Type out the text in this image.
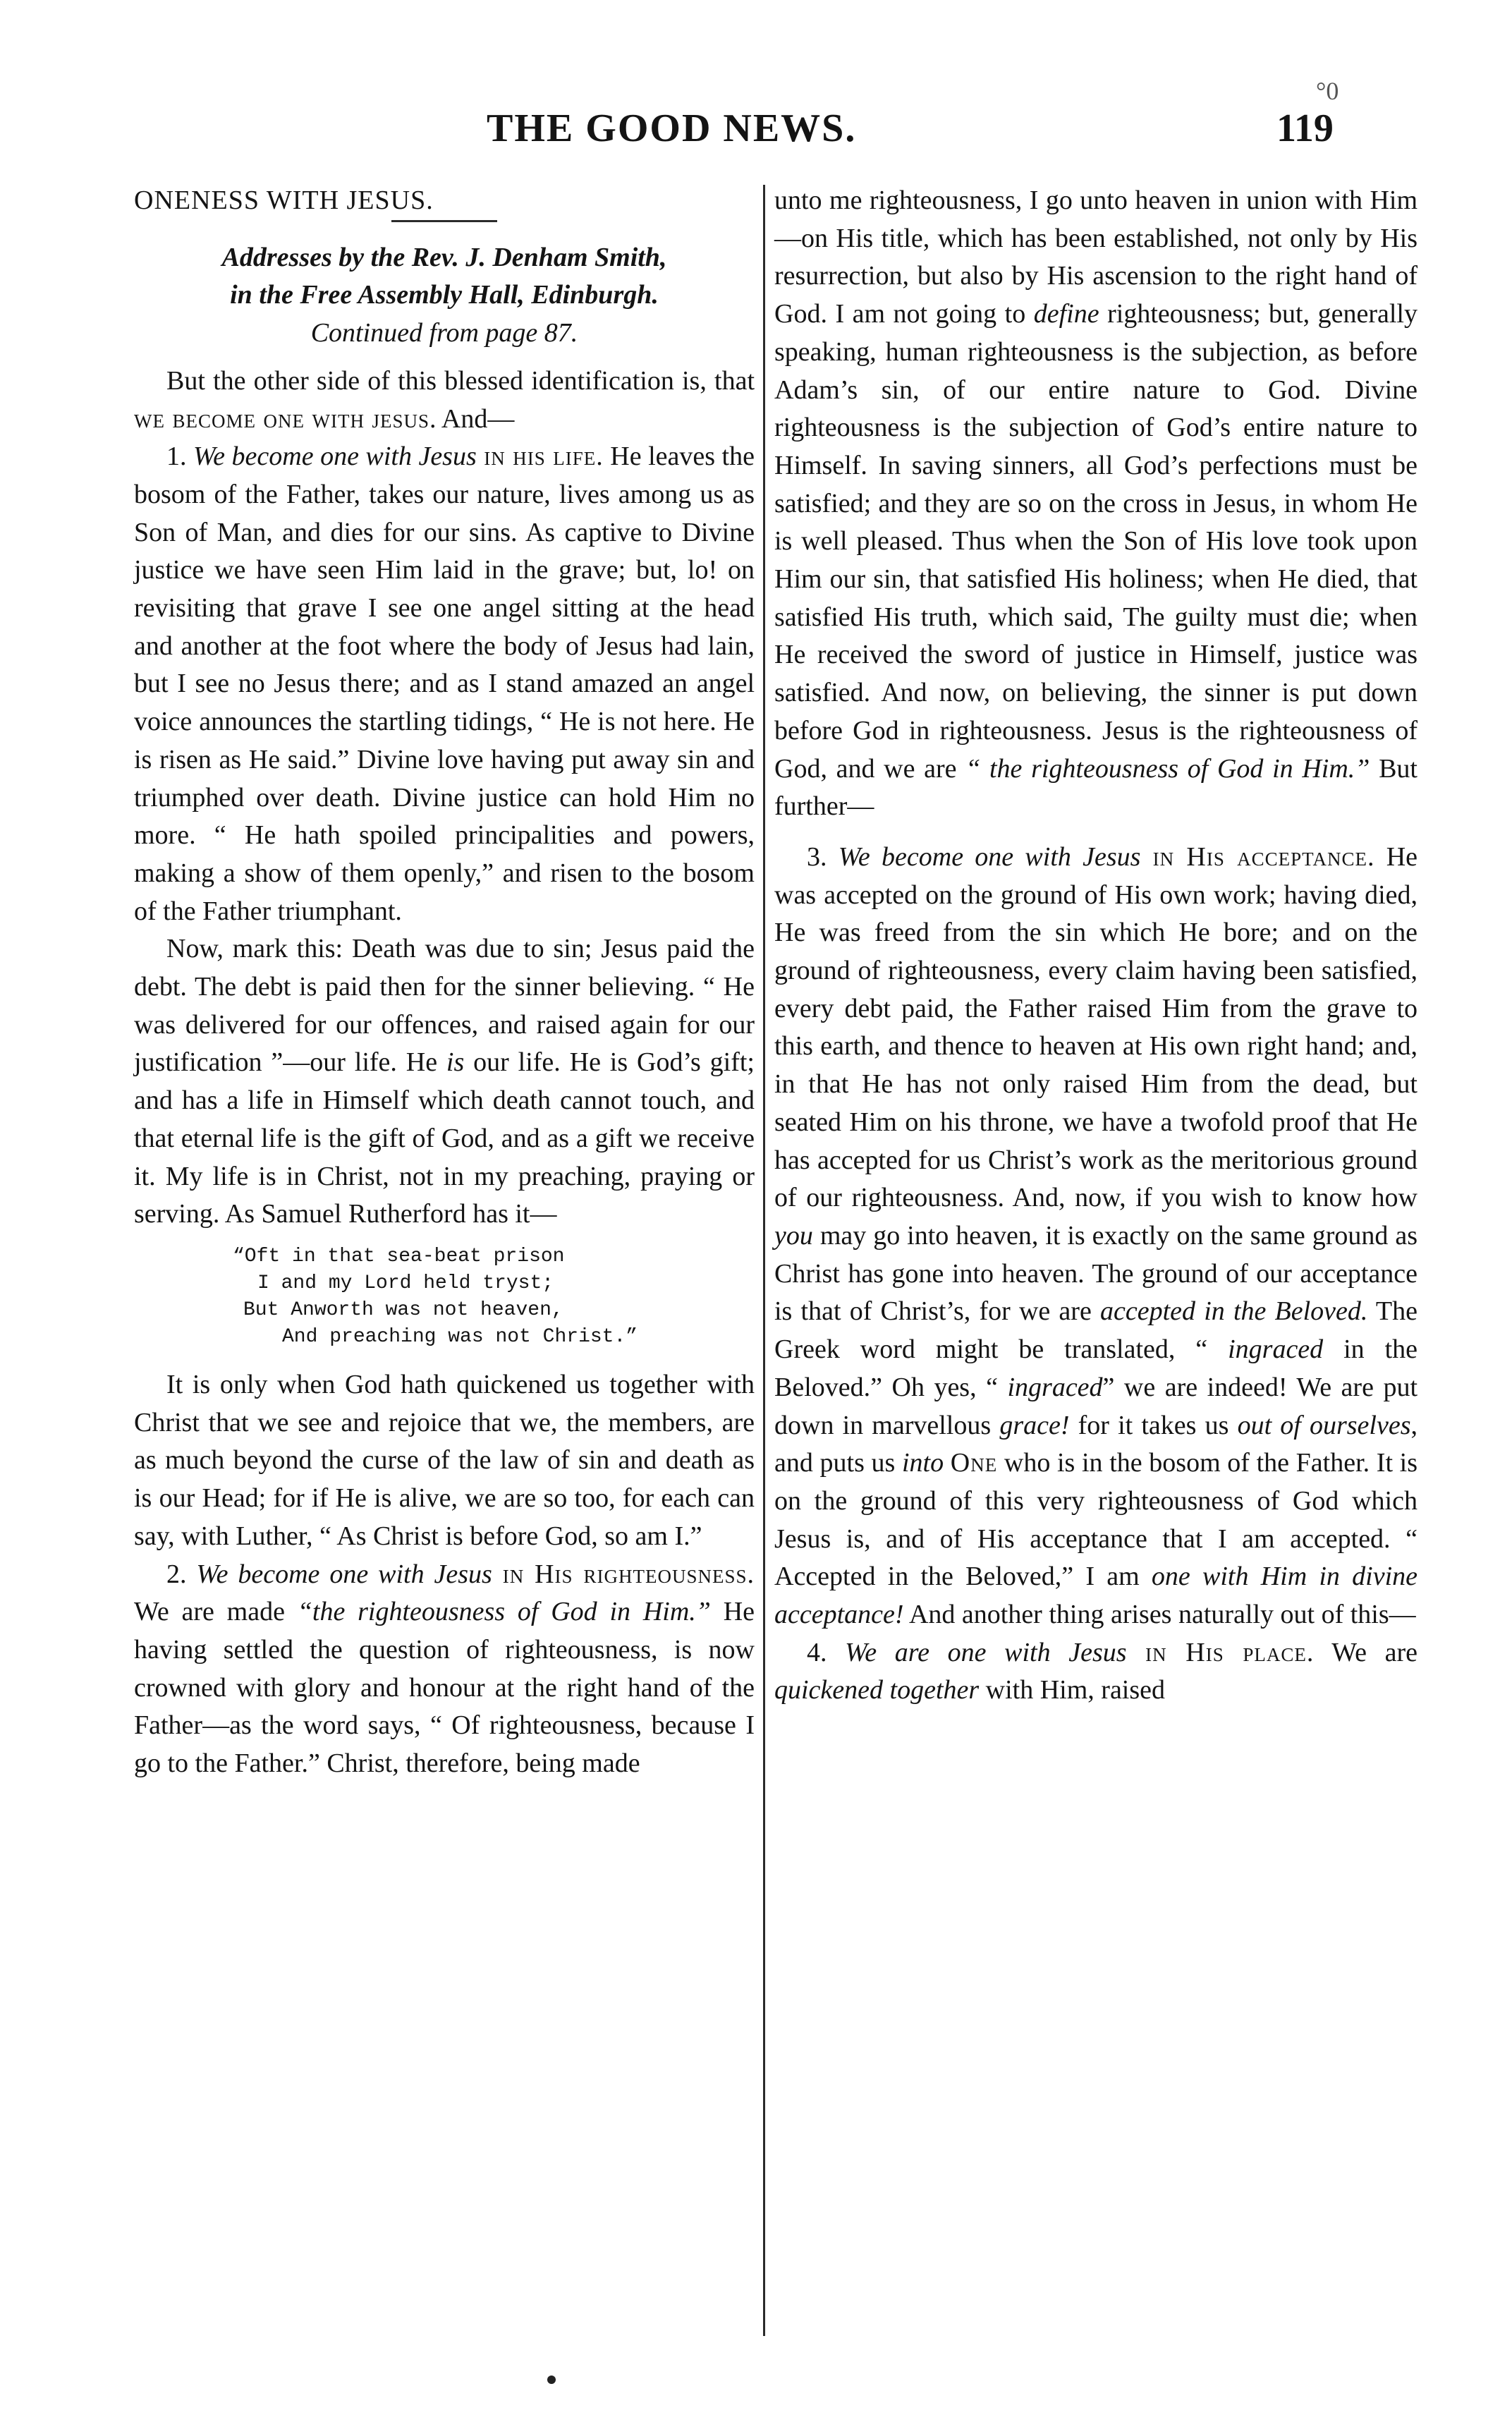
THE GOOD NEWS.	119
°0

ONENESS WITH JESUS.

Addresses by the Rev. J. Denham Smith,

in the Free Assembly Hall, Edinburgh.

Continued from page 87.

But the other side of this blessed identification is, that we become one with jesus. And—

1. We become one with Jesus in his life. He leaves the bosom of the Father, takes our nature, lives among us as Son of Man, and dies for our sins. As captive to Divine justice we have seen Him laid in the grave; but, lo! on revisiting that grave I see one angel sitting at the head and another at the foot where the body of Jesus had lain, but I see no Jesus there; and as I stand amazed an angel voice announces the startling tidings, “ He is not here. He is risen as He said.” Divine love having put away sin and triumphed over death. Divine justice can hold Him no more. “ He hath spoiled principalities and powers, making a show of them openly,” and risen to the bosom of the Father triumphant.

Now, mark this: Death was due to sin; Jesus paid the debt. The debt is paid then for the sinner believing. “ He was delivered for our offences, and raised again for our justification ”—our life. He is our life. He is God’s gift; and has a life in Himself which death cannot touch, and that eternal life is the gift of God, and as a gift we receive it. My life is in Christ, not in my preaching, praying or serving. As Samuel Rutherford has it—

“Oft in that sea-beat prison
I and my Lord held tryst;
But Anworth was not heaven,
And preaching was not Christ.”

It is only when God hath quickened us together with Christ that we see and rejoice that we, the members, are as much beyond the curse of the law of sin and death as is our Head; for if He is alive, we are so too, for each can say, with Luther, “ As Christ is before God, so am I.”

2. We become one with Jesus in His righteousness. We are made “the righteousness of God in Him.” He having settled the question of righteousness, is now crowned with glory and honour at the right hand of the Father—as the word says, “ Of righteousness, because I go to the Father.” Christ, therefore, being made

unto me righteousness, I go unto heaven in union with Him—on His title, which has been established, not only by His resurrection, but also by His ascension to the right hand of God. I am not going to define righteousness; but, generally speaking, human righteousness is the subjection, as before Adam’s sin, of our entire nature to God. Divine righteousness is the subjection of God’s entire nature to Himself. In saving sinners, all God’s perfections must be satisfied; and they are so on the cross in Jesus, in whom He is well pleased. Thus when the Son of His love took upon Him our sin, that satisfied His holiness; when He died, that satisfied His truth, which said, The guilty must die; when He received the sword of justice in Himself, justice was satisfied. And now, on believing, the sinner is put down before God in righteousness. Jesus is the righteousness of God, and we are “ the righteousness of God in Him.” But further—

3. We become one with Jesus in His acceptance. He was accepted on the ground of His own work; having died, He was freed from the sin which He bore; and on the ground of righteousness, every claim having been satisfied, every debt paid, the Father raised Him from the grave to this earth, and thence to heaven at His own right hand; and, in that He has not only raised Him from the dead, but seated Him on his throne, we have a twofold proof that He has accepted for us Christ’s work as the meritorious ground of our righteousness. And, now, if you wish to know how you may go into heaven, it is exactly on the same ground as Christ has gone into heaven. The ground of our acceptance is that of Christ’s, for we are accepted in the Beloved. The Greek word might be translated, “ ingraced in the Beloved.” Oh yes, “ ingraced” we are indeed! We are put down in marvellous grace! for it takes us out of ourselves, and puts us into One who is in the bosom of the Father. It is on the ground of this very righteousness of God which Jesus is, and of His acceptance that I am accepted. “ Accepted in the Beloved,” I am one with Him in divine acceptance! And another thing arises naturally out of this—

4. We are one with Jesus in His place. We are quickened together with Him, raised
